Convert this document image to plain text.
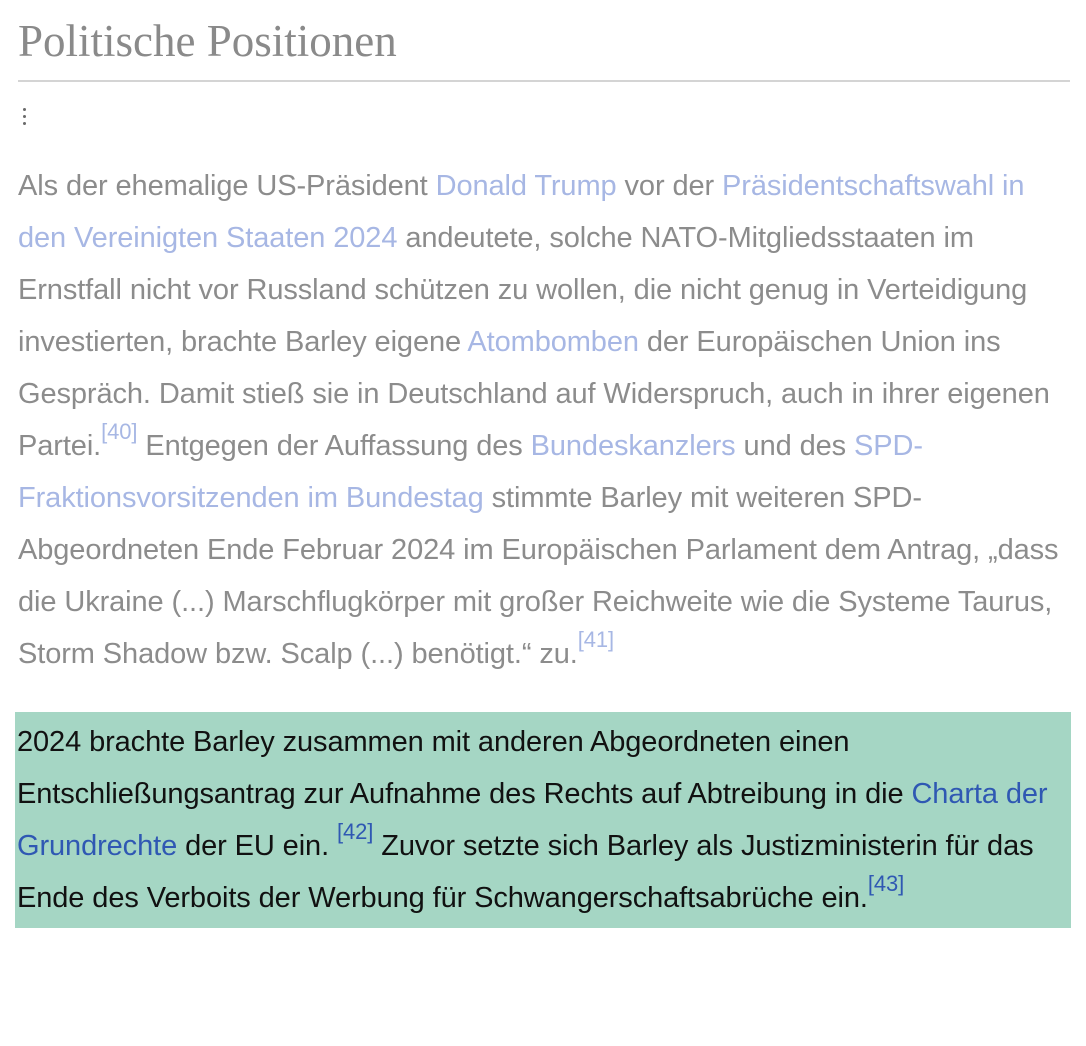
Politische Positionen

Als der ehemalige US-Präsident Donald Trump vor der Präsidentschaftswahl in den Vereinigten Staaten 2024 andeutete, solche NATO-Mitgliedsstaaten im Ernstfall nicht vor Russland schützen zu wollen, die nicht genug in Verteidigung investierten, brachte Barley eigene Atombomben der Europäischen Union ins Gespräch. Damit stieß sie in Deutschland auf Widerspruch, auch in ihrer eigenen Partei.[40] Entgegen der Auffassung des Bundeskanzlers und des SPD-Fraktionsvorsitzenden im Bundestag stimmte Barley mit weiteren SPD-Abgeordneten Ende Februar 2024 im Europäischen Parlament dem Antrag, „dass die Ukraine (...) Marschflugkörper mit großer Reichweite wie die Systeme Taurus, Storm Shadow bzw. Scalp (...) benötigt.“ zu.[41]

2024 brachte Barley zusammen mit anderen Abgeordneten einen Entschließungsantrag zur Aufnahme des Rechts auf Abtreibung in die Charta der Grundrechte der EU ein. [42] Zuvor setzte sich Barley als Justizministerin für das Ende des Verboits der Werbung für Schwangerschaftsabrüche ein.[43]
